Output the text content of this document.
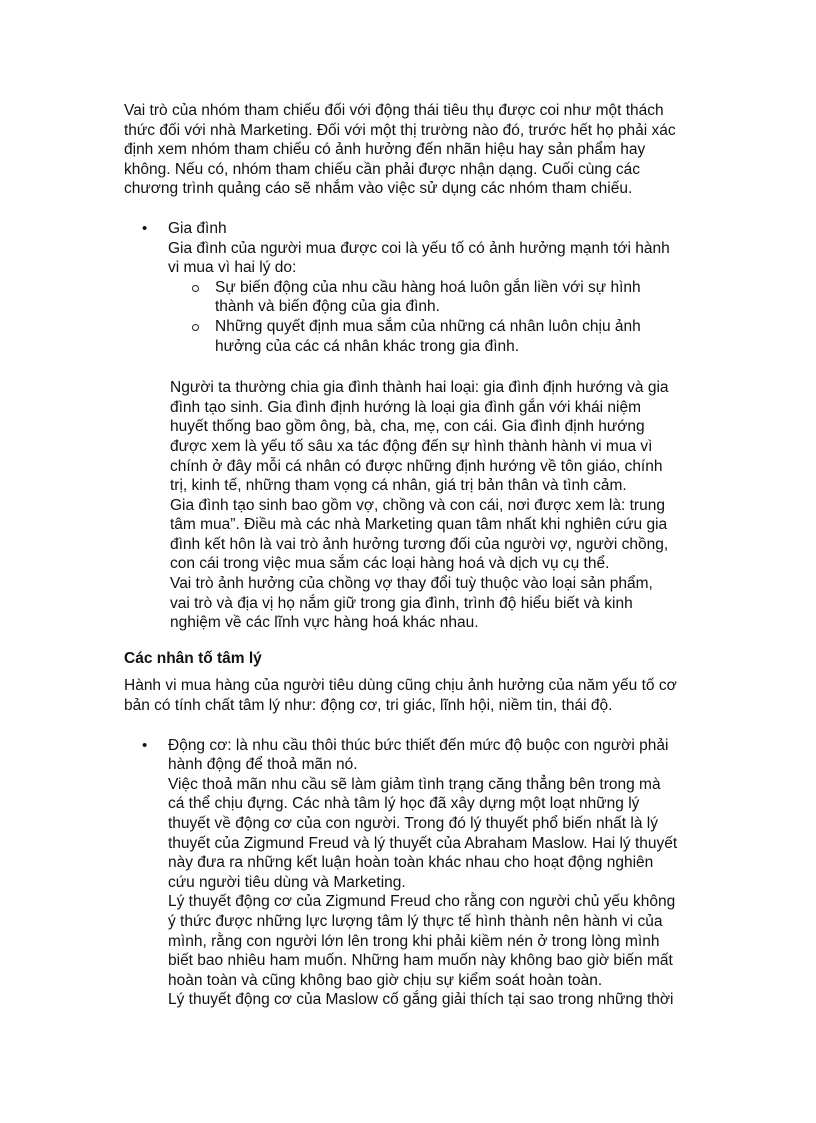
Vai trò của nhóm tham chiếu đối với động thái tiêu thụ được coi như một thách
thức đối với nhà Marketing. Đối với một thị trường nào đó, trước hết họ phải xác
định xem nhóm tham chiếu có ảnh hưởng đến nhãn hiệu hay sản phẩm hay
không. Nếu có, nhóm tham chiếu cần phải được nhận dạng. Cuối cùng các
chương trình quảng cáo sẽ nhắm vào việc sử dụng các nhóm tham chiếu.

• Gia đình
Gia đình của người mua được coi là yếu tố có ảnh hưởng mạnh tới hành
vi mua vì hai lý do:
Sự biến động của nhu cầu hàng hoá luôn gắn liền với sự hình
thành và biến động của gia đình.
Những quyết định mua sắm của những cá nhân luôn chịu ảnh
hưởng của các cá nhân khác trong gia đình.

Người ta thường chia gia đình thành hai loại: gia đình định hướng và gia
đình tạo sinh. Gia đình định hướng là loại gia đình gắn với khái niệm
huyết thống bao gồm ông, bà, cha, mẹ, con cái. Gia đình định hướng
được xem là yếu tố sâu xa tác động đến sự hình thành hành vi mua vì
chính ở đây mỗi cá nhân có được những định hướng về tôn giáo, chính
trị, kinh tế, những tham vọng cá nhân, giá trị bản thân và tình cảm.
Gia đình tạo sinh bao gồm vợ, chồng và con cái, nơi được xem là: trung
tâm mua”. Điều mà các nhà Marketing quan tâm nhất khi nghiên cứu gia
đình kết hôn là vai trò ảnh hưởng tương đối của người vợ, người chồng,
con cái trong việc mua sắm các loại hàng hoá và dịch vụ cụ thể.
Vai trò ảnh hưởng của chồng vợ thay đổi tuỳ thuộc vào loại sản phẩm,
vai trò và địa vị họ nắm giữ trong gia đình, trình độ hiểu biết và kinh
nghiệm về các lĩnh vực hàng hoá khác nhau.

Các nhân tố tâm lý

Hành vi mua hàng của người tiêu dùng cũng chịu ảnh hưởng của năm yếu tố cơ
bản có tính chất tâm lý như: động cơ, tri giác, lĩnh hội, niềm tin, thái độ.

• Động cơ: là nhu cầu thôi thúc bức thiết đến mức độ buộc con người phải
hành động để thoả mãn nó.
Việc thoả mãn nhu cầu sẽ làm giảm tình trạng căng thẳng bên trong mà
cá thể chịu đựng. Các nhà tâm lý học đã xây dựng một loạt những lý
thuyết về động cơ của con người. Trong đó lý thuyết phổ biến nhất là lý
thuyết của Zigmund Freud và lý thuyết của Abraham Maslow. Hai lý thuyết
này đưa ra những kết luận hoàn toàn khác nhau cho hoạt động nghiên
cứu người tiêu dùng và Marketing.
Lý thuyết động cơ của Zigmund Freud cho rằng con người chủ yếu không
ý thức được những lực lượng tâm lý thực tế hình thành nên hành vi của
mình, rằng con người lớn lên trong khi phải kiềm nén ở trong lòng mình
biết bao nhiêu ham muốn. Những ham muốn này không bao giờ biến mất
hoàn toàn và cũng không bao giờ chịu sự kiểm soát hoàn toàn.
Lý thuyết động cơ của Maslow cố gắng giải thích tại sao trong những thời
